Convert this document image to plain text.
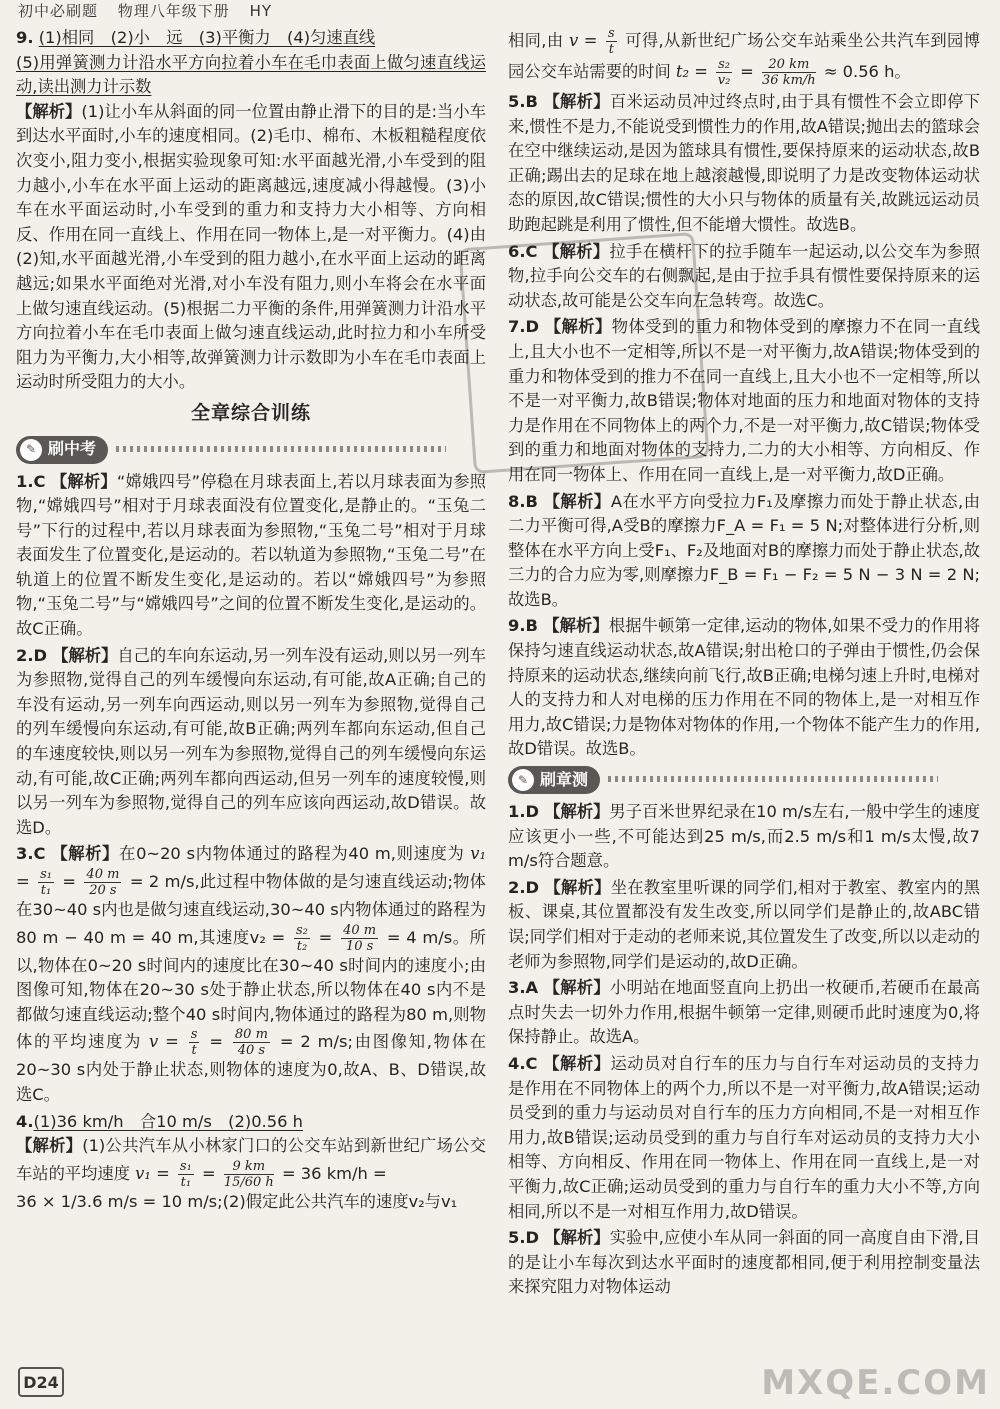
初中必刷题 物理八年级下册 HY
9. (1)相同　(2)小　远　(3)平衡力　(4)匀速直线
(5)用弹簧测力计沿水平方向拉着小车在毛巾表面上做匀速直线运动,读出测力计示数
【解析】(1)让小车从斜面的同一位置由静止滑下的目的是:当小车到达水平面时,小车的速度相同。(2)毛巾、棉布、木板粗糙程度依次变小,阻力变小,根据实验现象可知:水平面越光滑,小车受到的阻力越小,小车在水平面上运动的距离越远,速度减小得越慢。(3)小车在水平面运动时,小车受到的重力和支持力大小相等、方向相反、作用在同一直线上、作用在同一物体上,是一对平衡力。(4)由(2)知,水平面越光滑,小车受到的阻力越小,在水平面上运动的距离越远;如果水平面绝对光滑,对小车没有阻力,则小车将会在水平面上做匀速直线运动。(5)根据二力平衡的条件,用弹簧测力计沿水平方向拉着小车在毛巾表面上做匀速直线运动,此时拉力和小车所受阻力为平衡力,大小相等,故弹簧测力计示数即为小车在毛巾表面上运动时所受阻力的大小。
全章综合训练
✎ 刷中考
1.C 【解析】“嫦娥四号”停稳在月球表面上,若以月球表面为参照物,“嫦娥四号”相对于月球表面没有位置变化,是静止的。“玉兔二号”下行的过程中,若以月球表面为参照物,“玉兔二号”相对于月球表面发生了位置变化,是运动的。若以轨道为参照物,“玉兔二号”在轨道上的位置不断发生变化,是运动的。若以“嫦娥四号”为参照物,“玉兔二号”与“嫦娥四号”之间的位置不断发生变化,是运动的。故C正确。
2.D 【解析】自己的车向东运动,另一列车没有运动,则以另一列车为参照物,觉得自己的列车缓慢向东运动,有可能,故A正确;自己的车没有运动,另一列车向西运动,则以另一列车为参照物,觉得自己的列车缓慢向东运动,有可能,故B正确;两列车都向东运动,但自己的车速度较快,则以另一列车为参照物,觉得自己的列车缓慢向东运动,有可能,故C正确;两列车都向西运动,但另一列车的速度较慢,则以另一列车为参照物,觉得自己的列车应该向西运动,故D错误。故选D。
3.C 【解析】在0~20 s内物体通过的路程为40 m,则速度为 $v_1 = \frac{\text{s₁}}{\text{t₁}} = \frac{40 m}{20 s} = 2$ m/s,此过程中物体做的是匀速直线运动;物体在30~40 s内也是做匀速直线运动,30~40 s内物体通过的路程为80 m − 40 m = 40 m,其速度$v_2 = \frac{\text{s₂}}{\text{t₂}} = \frac{40 m}{10 s} = 4$ m/s。所以,物体在0~20 s时间内的速度比在30~40 s时间内的速度小;由图像可知,物体在20~30 s处于静止状态,所以物体在40 s内不是都做匀速直线运动;整个40 s时间内,物体通过的路程为80 m,则物体的平均速度为 $v = \frac{s}{t} = \frac{80 m}{40 s} = 2$ m/s;由图像知,物体在20~30 s内处于静止状态,则物体的速度为0,故A、B、D错误,故选C。
4.(1)36 km/h　合10 m/s　(2)0.56 h
【解析】(1)公共汽车从小林家门口的公交车站到新世纪广场公交车站的平均速度 $v_1 = \frac{\text{s₁}}{\text{t₁}} = \frac{9 km}{15/60 h} = 36$ km/h =
36 × 1/3.6 m/s = 10 m/s;(2)假定此公共汽车的速度v₂与v₁
相同,由 $v = \frac{s}{t}$ 可得,从新世纪广场公交车站乘坐公共汽车到园博园公交车站需要的时间 $t_2 = \frac{\text{s₂}}{\text{v₂}} = \frac{20 km}{36 km/h} \approx 0.56$ h。
5.B 【解析】百米运动员冲过终点时,由于具有惯性不会立即停下来,惯性不是力,不能说受到惯性力的作用,故A错误;抛出去的篮球会在空中继续运动,是因为篮球具有惯性,要保持原来的运动状态,故B正确;踢出去的足球在地上越滚越慢,即说明了力是改变物体运动状态的原因,故C错误;惯性的大小只与物体的质量有关,故跳远运动员助跑起跳是利用了惯性,但不能增大惯性。故选B。
6.C 【解析】拉手在横杆下的拉手随车一起运动,以公交车为参照物,拉手向公交车的右侧飘起,是由于拉手具有惯性要保持原来的运动状态,故可能是公交车向左急转弯。故选C。
7.D 【解析】物体受到的重力和物体受到的摩擦力不在同一直线上,且大小也不一定相等,所以不是一对平衡力,故A错误;物体受到的重力和物体受到的推力不在同一直线上,且大小也不一定相等,所以不是一对平衡力,故B错误;物体对地面的压力和地面对物体的支持力是作用在不同物体上的两个力,不是一对平衡力,故C错误;物体受到的重力和地面对物体的支持力,二力的大小相等、方向相反、作用在同一物体上、作用在同一直线上,是一对平衡力,故D正确。
8.B 【解析】A在水平方向受拉力F₁及摩擦力而处于静止状态,由二力平衡可得,A受B的摩擦力F_A = F₁ = 5 N;对整体进行分析,则整体在水平方向上受F₁、F₂及地面对B的摩擦力而处于静止状态,故三力的合力应为零,则摩擦力F_B = F₁ − F₂ = 5 N − 3 N = 2 N;故选B。
9.B 【解析】根据牛顿第一定律,运动的物体,如果不受力的作用将保持匀速直线运动状态,故A错误;射出枪口的子弹由于惯性,仍会保持原来的运动状态,继续向前飞行,故B正确;电梯匀速上升时,电梯对人的支持力和人对电梯的压力作用在不同的物体上,是一对相互作用力,故C错误;力是物体对物体的作用,一个物体不能产生力的作用,故D错误。故选B。
✎ 刷章测
1.D 【解析】男子百米世界纪录在10 m/s左右,一般中学生的速度应该更小一些,不可能达到25 m/s,而2.5 m/s和1 m/s太慢,故7 m/s符合题意。
2.D 【解析】坐在教室里听课的同学们,相对于教室、教室内的黑板、课桌,其位置都没有发生改变,所以同学们是静止的,故ABC错误;同学们相对于走动的老师来说,其位置发生了改变,所以以走动的老师为参照物,同学们是运动的,故D正确。
3.A 【解析】小明站在地面竖直向上扔出一枚硬币,若硬币在最高点时失去一切外力作用,根据牛顿第一定律,则硬币此时速度为0,将保持静止。故选A。
4.C 【解析】运动员对自行车的压力与自行车对运动员的支持力是作用在不同物体上的两个力,所以不是一对平衡力,故A错误;运动员受到的重力与运动员对自行车的压力方向相同,不是一对相互作用力,故B错误;运动员受到的重力与自行车对运动员的支持力大小相等、方向相反、作用在同一物体上、作用在同一直线上,是一对平衡力,故C正确;运动员受到的重力与自行车的重力大小不等,方向相同,所以不是一对相互作用力,故D错误。
5.D 【解析】实验中,应使小车从同一斜面的同一高度自由下滑,目的是让小车每次到达水平面时的速度都相同,便于利用控制变量法来探究阻力对物体运动
D24	MXQE.COM
